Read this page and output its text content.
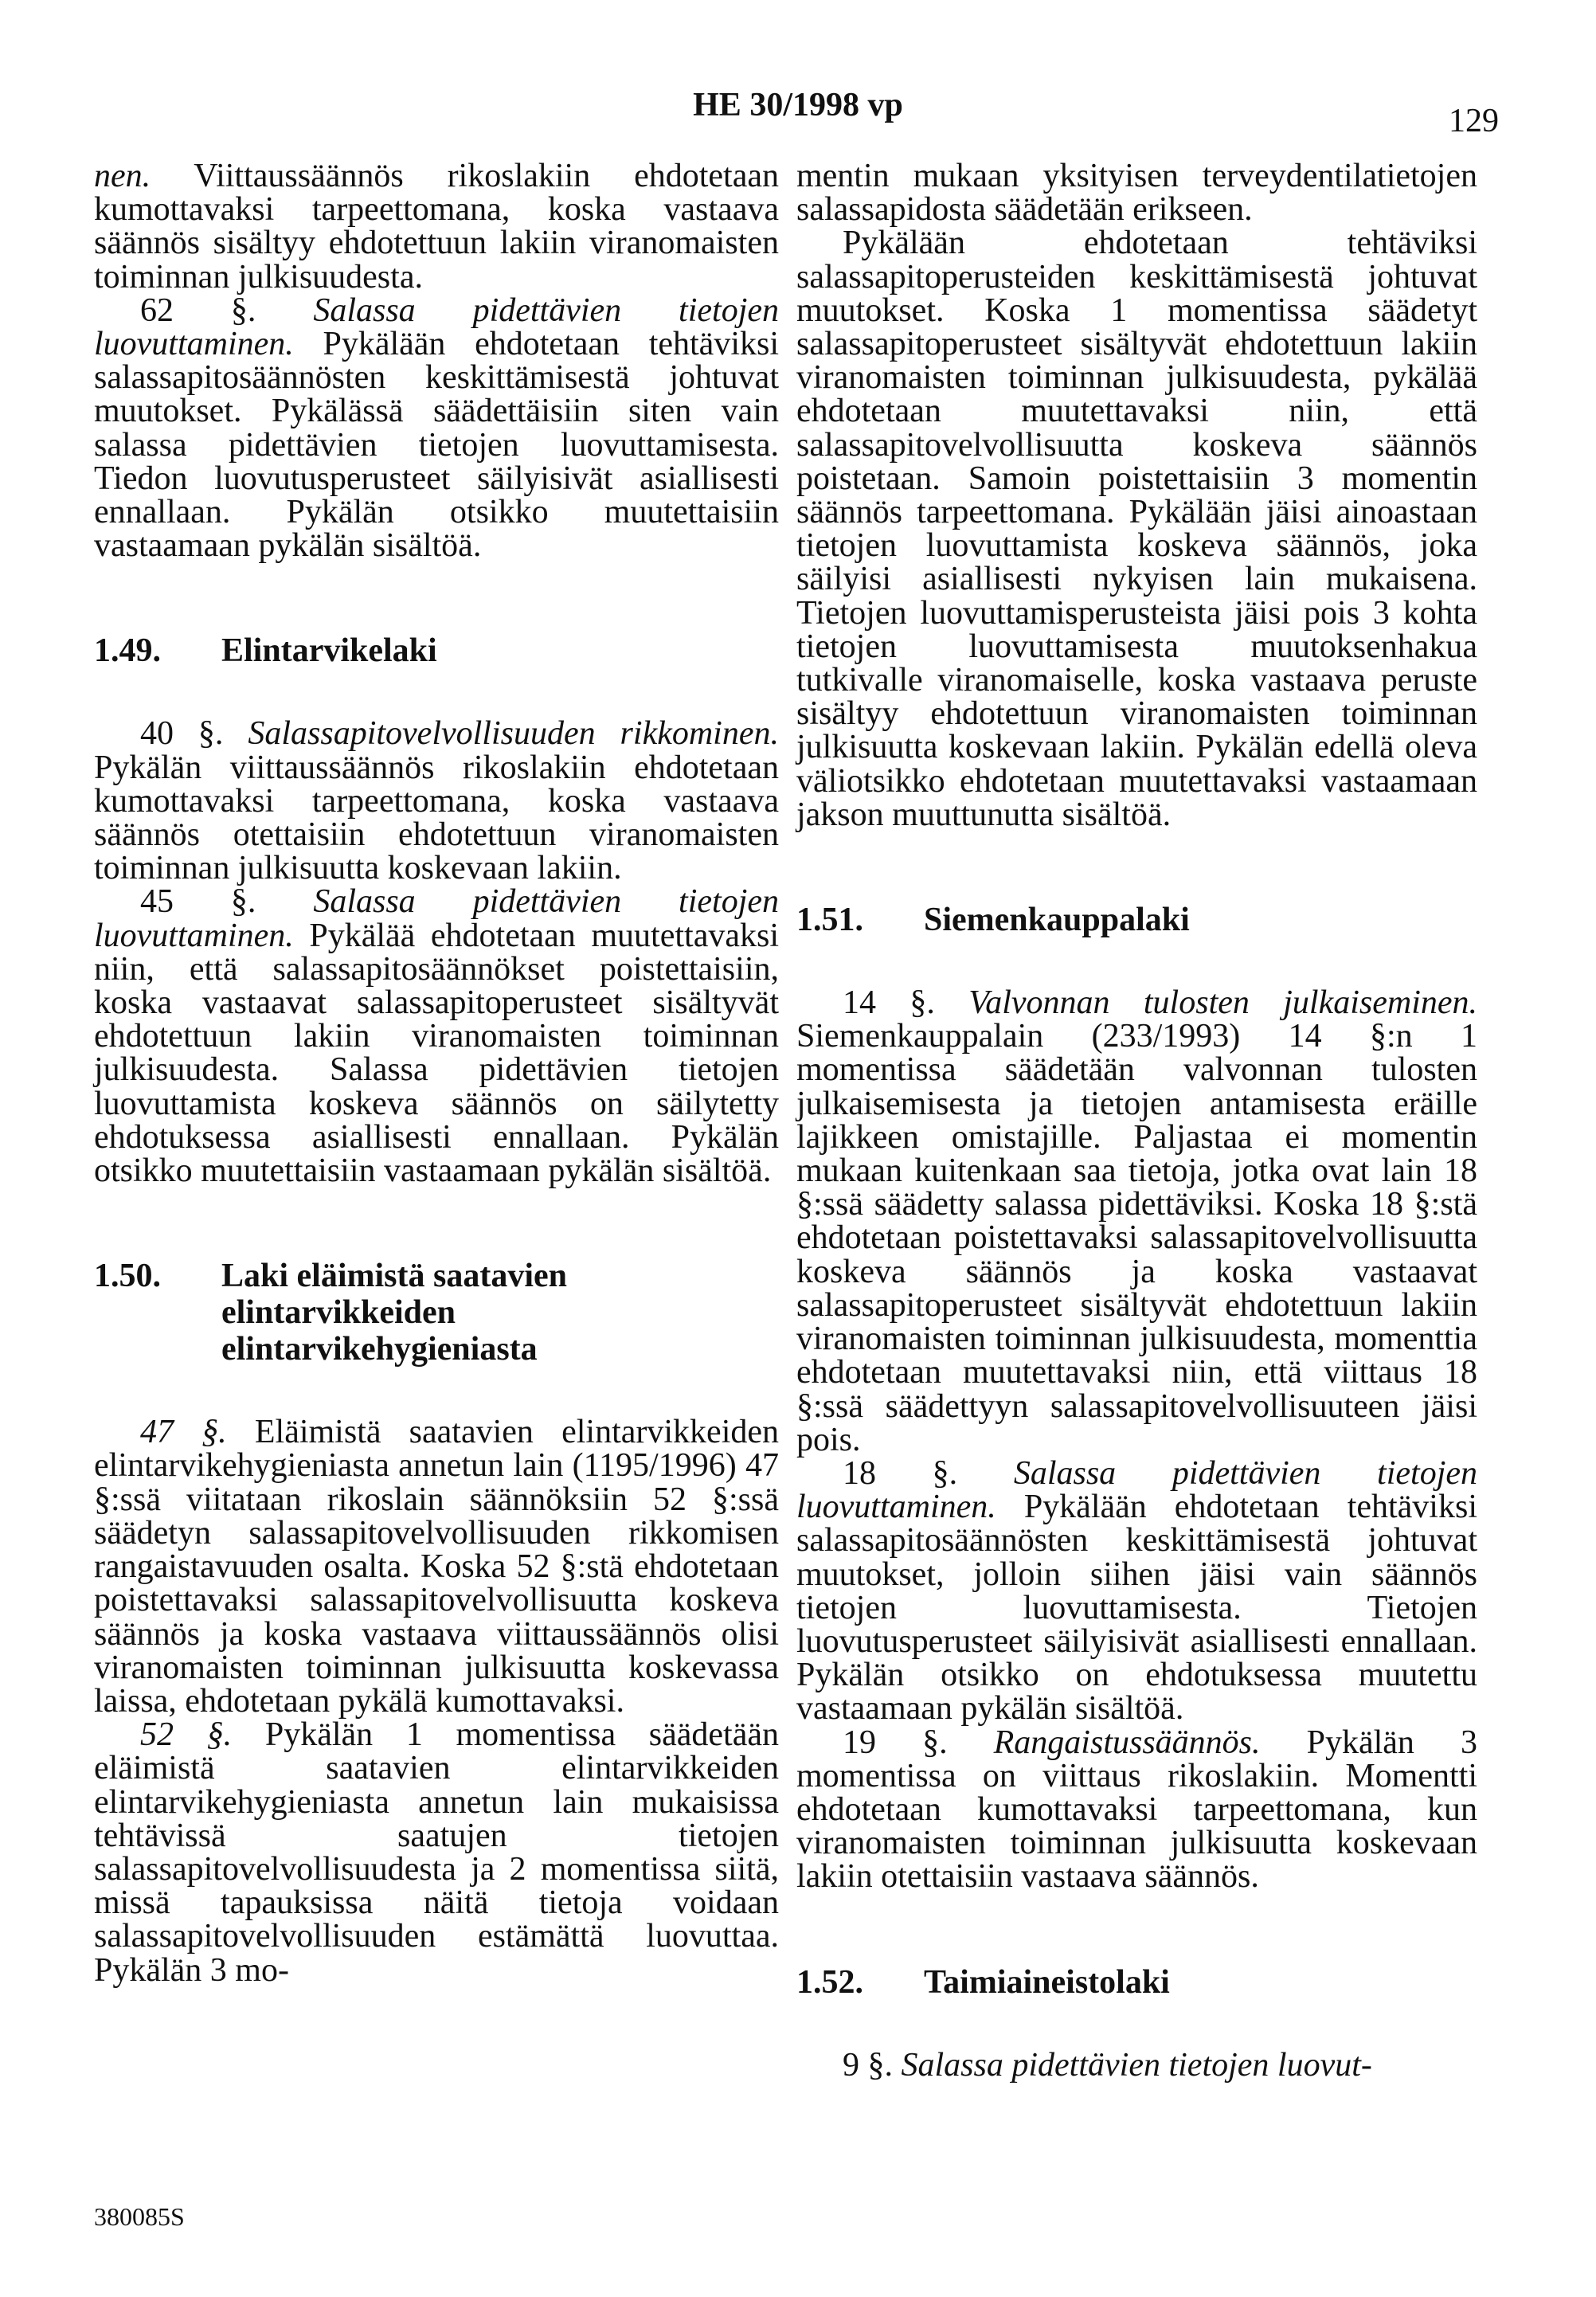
HE 30/1998 vp	129

nen. Viittaussäännös rikoslakiin ehdotetaan kumottavaksi tarpeettomana, koska vastaava säännös sisältyy ehdotettuun lakiin viranomaisten toiminnan julkisuudesta.

62 §. Salassa pidettävien tietojen luovuttaminen. Pykälään ehdotetaan tehtäviksi salassapitosäännösten keskittämisestä johtuvat muutokset. Pykälässä säädettäisiin siten vain salassa pidettävien tietojen luovuttamisesta. Tiedon luovutusperusteet säilyisivät asiallisesti ennallaan. Pykälän otsikko muutettaisiin vastaamaan pykälän sisältöä.

1.49.	Elintarvikelaki

40 §. Salassapitovelvollisuuden rikkominen. Pykälän viittaussäännös rikoslakiin ehdotetaan kumottavaksi tarpeettomana, koska vastaava säännös otettaisiin ehdotettuun viranomaisten toiminnan julkisuutta koskevaan lakiin.

45 §. Salassa pidettävien tietojen luovuttaminen. Pykälää ehdotetaan muutettavaksi niin, että salassapitosäännökset poistettaisiin, koska vastaavat salassapitoperusteet sisältyvät ehdotettuun lakiin viranomaisten toiminnan julkisuudesta. Salassa pidettävien tietojen luovuttamista koskeva säännös on säilytetty ehdotuksessa asiallisesti ennallaan. Pykälän otsikko muutettaisiin vastaamaan pykälän sisältöä.

1.50.	Laki eläimistä saatavien elintarvikkeiden elintarvikehygieniasta

47 §. Eläimistä saatavien elintarvikkeiden elintarvikehygieniasta annetun lain (1195/1996) 47 §:ssä viitataan rikoslain säännöksiin 52 §:ssä säädetyn salassapitovelvollisuuden rikkomisen rangaistavuuden osalta. Koska 52 §:stä ehdotetaan poistettavaksi salassapitovelvollisuutta koskeva säännös ja koska vastaava viittaussäännös olisi viranomaisten toiminnan julkisuutta koskevassa laissa, ehdotetaan pykälä kumottavaksi.

52 §. Pykälän 1 momentissa säädetään eläimistä saatavien elintarvikkeiden elintarvikehygieniasta annetun lain mukaisissa tehtävissä saatujen tietojen salassapitovelvollisuudesta ja 2 momentissa siitä, missä tapauksissa näitä tietoja voidaan salassapitovelvollisuuden estämättä luovuttaa. Pykälän 3 mo-

mentin mukaan yksityisen terveydentilatietojen salassapidosta säädetään erikseen.

Pykälään ehdotetaan tehtäviksi salassapitoperusteiden keskittämisestä johtuvat muutokset. Koska 1 momentissa säädetyt salassapitoperusteet sisältyvät ehdotettuun lakiin viranomaisten toiminnan julkisuudesta, pykälää ehdotetaan muutettavaksi niin, että salassapitovelvollisuutta koskeva säännös poistetaan. Samoin poistettaisiin 3 momentin säännös tarpeettomana. Pykälään jäisi ainoastaan tietojen luovuttamista koskeva säännös, joka säilyisi asiallisesti nykyisen lain mukaisena. Tietojen luovuttamisperusteista jäisi pois 3 kohta tietojen luovuttamisesta muutoksenhakua tutkivalle viranomaiselle, koska vastaava peruste sisältyy ehdotettuun viranomaisten toiminnan julkisuutta koskevaan lakiin. Pykälän edellä oleva väliotsikko ehdotetaan muutettavaksi vastaamaan jakson muuttunutta sisältöä.

1.51.	Siemenkauppalaki

14 §. Valvonnan tulosten julkaiseminen. Siemenkauppalain (233/1993) 14 §:n 1 momentissa säädetään valvonnan tulosten julkaisemisesta ja tietojen antamisesta eräille lajikkeen omistajille. Paljastaa ei momentin mukaan kuitenkaan saa tietoja, jotka ovat lain 18 §:ssä säädetty salassa pidettäviksi. Koska 18 §:stä ehdotetaan poistettavaksi salassapitovelvollisuutta koskeva säännös ja koska vastaavat salassapitoperusteet sisältyvät ehdotettuun lakiin viranomaisten toiminnan julkisuudesta, momenttia ehdotetaan muutettavaksi niin, että viittaus 18 §:ssä säädettyyn salassapitovelvollisuuteen jäisi pois.

18 §. Salassa pidettävien tietojen luovuttaminen. Pykälään ehdotetaan tehtäviksi salassapitosäännösten keskittämisestä johtuvat muutokset, jolloin siihen jäisi vain säännös tietojen luovuttamisesta. Tietojen luovutusperusteet säilyisivät asiallisesti ennallaan. Pykälän otsikko on ehdotuksessa muutettu vastaamaan pykälän sisältöä.

19 §. Rangaistussäännös. Pykälän 3 momentissa on viittaus rikoslakiin. Momentti ehdotetaan kumottavaksi tarpeettomana, kun viranomaisten toiminnan julkisuutta koskevaan lakiin otettaisiin vastaava säännös.

1.52.	Taimiaineistolaki

9 §. Salassa pidettävien tietojen luovut-

380085S
